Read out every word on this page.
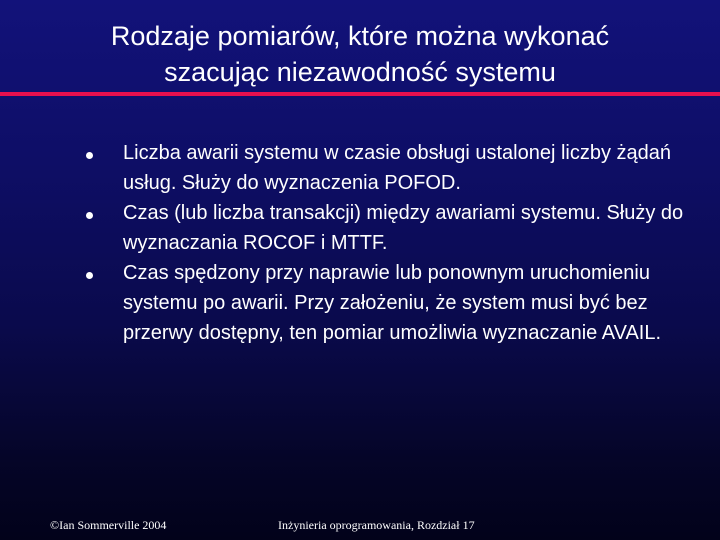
Rodzaje pomiarów, które można wykonać
szacując niezawodność systemu
Liczba awarii systemu w czasie obsługi ustalonej liczby żądań usług. Służy do wyznaczenia POFOD.
Czas (lub liczba transakcji) między awariami systemu. Służy do wyznaczania ROCOF i MTTF.
Czas spędzony przy naprawie lub ponownym uruchomieniu systemu po awarii. Przy założeniu, że system musi być bez przerwy dostępny, ten pomiar umożliwia wyznaczanie AVAIL.
©Ian Sommerville 2004	Inżynieria oprogramowania, Rozdział 17
